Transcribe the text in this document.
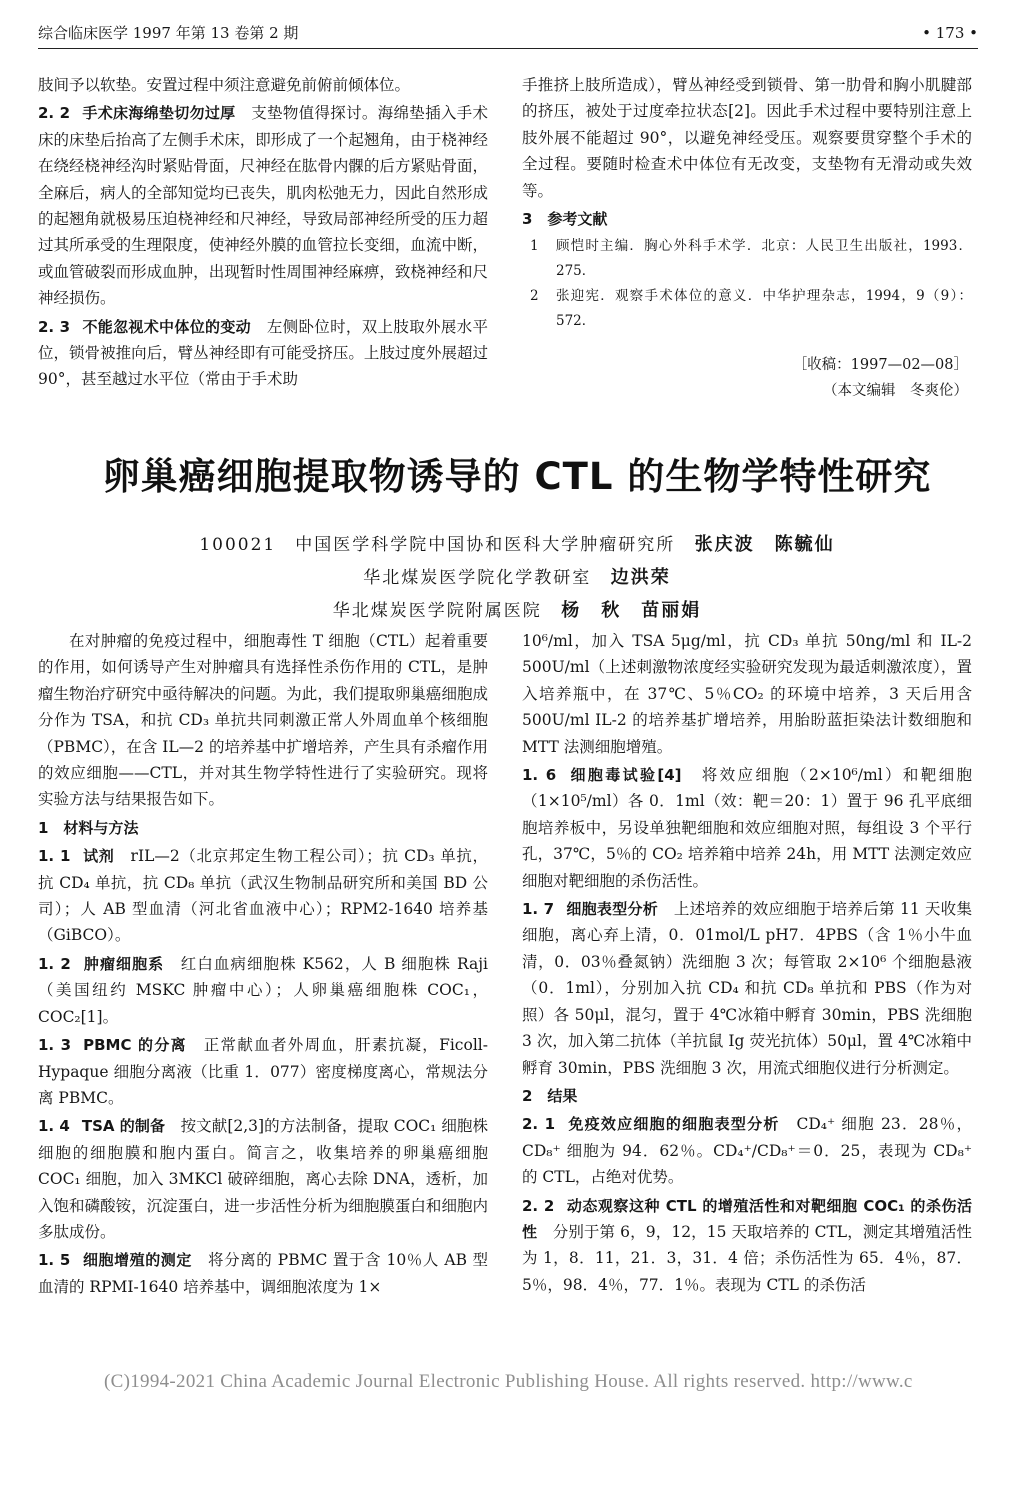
综合临床医学 1997 年第 13 卷第 2 期	• 173 •

肢间予以软垫。安置过程中须注意避免前俯前倾体位。

2. 2 手术床海绵垫切勿过厚　 支垫物值得探讨。海绵垫插入手术床的床垫后抬高了左侧手术床，即形成了一个起翘角，由于桡神经在绕经桡神经沟时紧贴骨面，尺神经在肱骨内髁的后方紧贴骨面，全麻后，病人的全部知觉均已丧失，肌肉松弛无力，因此自然形成的起翘角就极易压迫桡神经和尺神经，导致局部神经所受的压力超过其所承受的生理限度，使神经外膜的血管拉长变细，血流中断，或血管破裂而形成血肿，出现暂时性周围神经麻痹，致桡神经和尺神经损伤。

2. 3 不能忽视术中体位的变动　 左侧卧位时，双上肢取外展水平位，锁骨被推向后，臂丛神经即有可能受挤压。上肢过度外展超过 90°，甚至越过水平位（常由于手术助

手推挤上肢所造成），臂丛神经受到锁骨、第一肋骨和胸小肌腱部的挤压，被处于过度牵拉状态[2]。因此手术过程中要特别注意上肢外展不能超过 90°，以避免神经受压。观察要贯穿整个手术的全过程。要随时检查术中体位有无改变，支垫物有无滑动或失效等。

3　参考文献
1	顾恺时主编．胸心外科手术学．北京：人民卫生出版社，1993．275．
2	张迎宪．观察手术体位的意义．中华护理杂志，1994，9（9）：572．
［收稿：1997—02—08］
（本文编辑　冬爽伦）
卵巢癌细胞提取物诱导的 CTL 的生物学特性研究
100021　中国医学科学院中国协和医科大学肿瘤研究所 张庆波　陈毓仙
华北煤炭医学院化学教研室 边洪荣
华北煤炭医学院附属医院 杨　秋　苗丽娟

在对肿瘤的免疫过程中，细胞毒性 T 细胞（CTL）起着重要的作用，如何诱导产生对肿瘤具有选择性杀伤作用的 CTL，是肿瘤生物治疗研究中亟待解决的问题。为此，我们提取卵巢癌细胞成分作为 TSA，和抗 CD₃ 单抗共同刺激正常人外周血单个核细胞（PBMC），在含 IL—2 的培养基中扩增培养，产生具有杀瘤作用的效应细胞——CTL，并对其生物学特性进行了实验研究。现将实验方法与结果报告如下。

1　材料与方法

1. 1 试剂　 rIL—2（北京邦定生物工程公司）；抗 CD₃ 单抗，抗 CD₄ 单抗，抗 CD₈ 单抗（武汉生物制品研究所和美国 BD 公司）；人 AB 型血清（河北省血液中心）；RPM2-1640 培养基（GiBCO）。

1. 2 肿瘤细胞系　 红白血病细胞株 K562，人 B 细胞株 Raji（美国纽约 MSKC 肿瘤中心）；人卵巢癌细胞株 COC₁，COC₂[1]。

1. 3 PBMC 的分离　 正常献血者外周血，肝素抗凝，Ficoll-Hypaque 细胞分离液（比重 1．077）密度梯度离心，常规法分离 PBMC。

1. 4 TSA 的制备　 按文献[2,3]的方法制备，提取 COC₁ 细胞株细胞的细胞膜和胞内蛋白。简言之，收集培养的卵巢癌细胞 COC₁ 细胞，加入 3MKCl 破碎细胞，离心去除 DNA，透析，加入饱和磷酸铵，沉淀蛋白，进一步活性分析为细胞膜蛋白和细胞内多肽成份。

1. 5 细胞增殖的测定　 将分离的 PBMC 置于含 10％人 AB 型血清的 RPMI-1640 培养基中，调细胞浓度为 1×

10⁶/ml，加入 TSA 5μg/ml，抗 CD₃ 单抗 50ng/ml 和 IL-2 500U/ml（上述刺激物浓度经实验研究发现为最适刺激浓度），置入培养瓶中，在 37℃、5％CO₂ 的环境中培养，3 天后用含 500U/ml IL-2 的培养基扩增培养，用胎盼蓝拒染法计数细胞和 MTT 法测细胞增殖。

1. 6 细胞毒试验[4]　 将效应细胞（2×10⁶/ml）和靶细胞（1×10⁵/ml）各 0．1ml（效：靶＝20：1）置于 96 孔平底细胞培养板中，另设单独靶细胞和效应细胞对照，每组设 3 个平行孔，37℃，5％的 CO₂ 培养箱中培养 24h，用 MTT 法测定效应细胞对靶细胞的杀伤活性。

1. 7 细胞表型分析　 上述培养的效应细胞于培养后第 11 天收集细胞，离心弃上清，0．01mol/L pH7．4PBS（含 1％小牛血清，0．03％叠氮钠）洗细胞 3 次；每管取 2×10⁶ 个细胞悬液（0．1ml），分别加入抗 CD₄ 和抗 CD₈ 单抗和 PBS（作为对照）各 50μl，混匀，置于 4℃冰箱中孵育 30min，PBS 洗细胞 3 次，加入第二抗体（羊抗鼠 Ig 荧光抗体）50μl，置 4℃冰箱中孵育 30min，PBS 洗细胞 3 次，用流式细胞仪进行分析测定。

2　结果

2. 1 免疫效应细胞的细胞表型分析　 CD₄⁺ 细胞 23．28％，CD₈⁺ 细胞为 94．62％。CD₄⁺/CD₈⁺＝0．25，表现为 CD₈⁺ 的 CTL，占绝对优势。

2. 2 动态观察这种 CTL 的增殖活性和对靶细胞 COC₁ 的杀伤活性　 分别于第 6，9，12，15 天取培养的 CTL，测定其增殖活性为 1，8．11，21．3，31．4 倍；杀伤活性为 65．4％，87．5％，98．4％，77．1％。表现为 CTL 的杀伤活

(C)1994-2021 China Academic Journal Electronic Publishing House. All rights reserved. http://www.c
